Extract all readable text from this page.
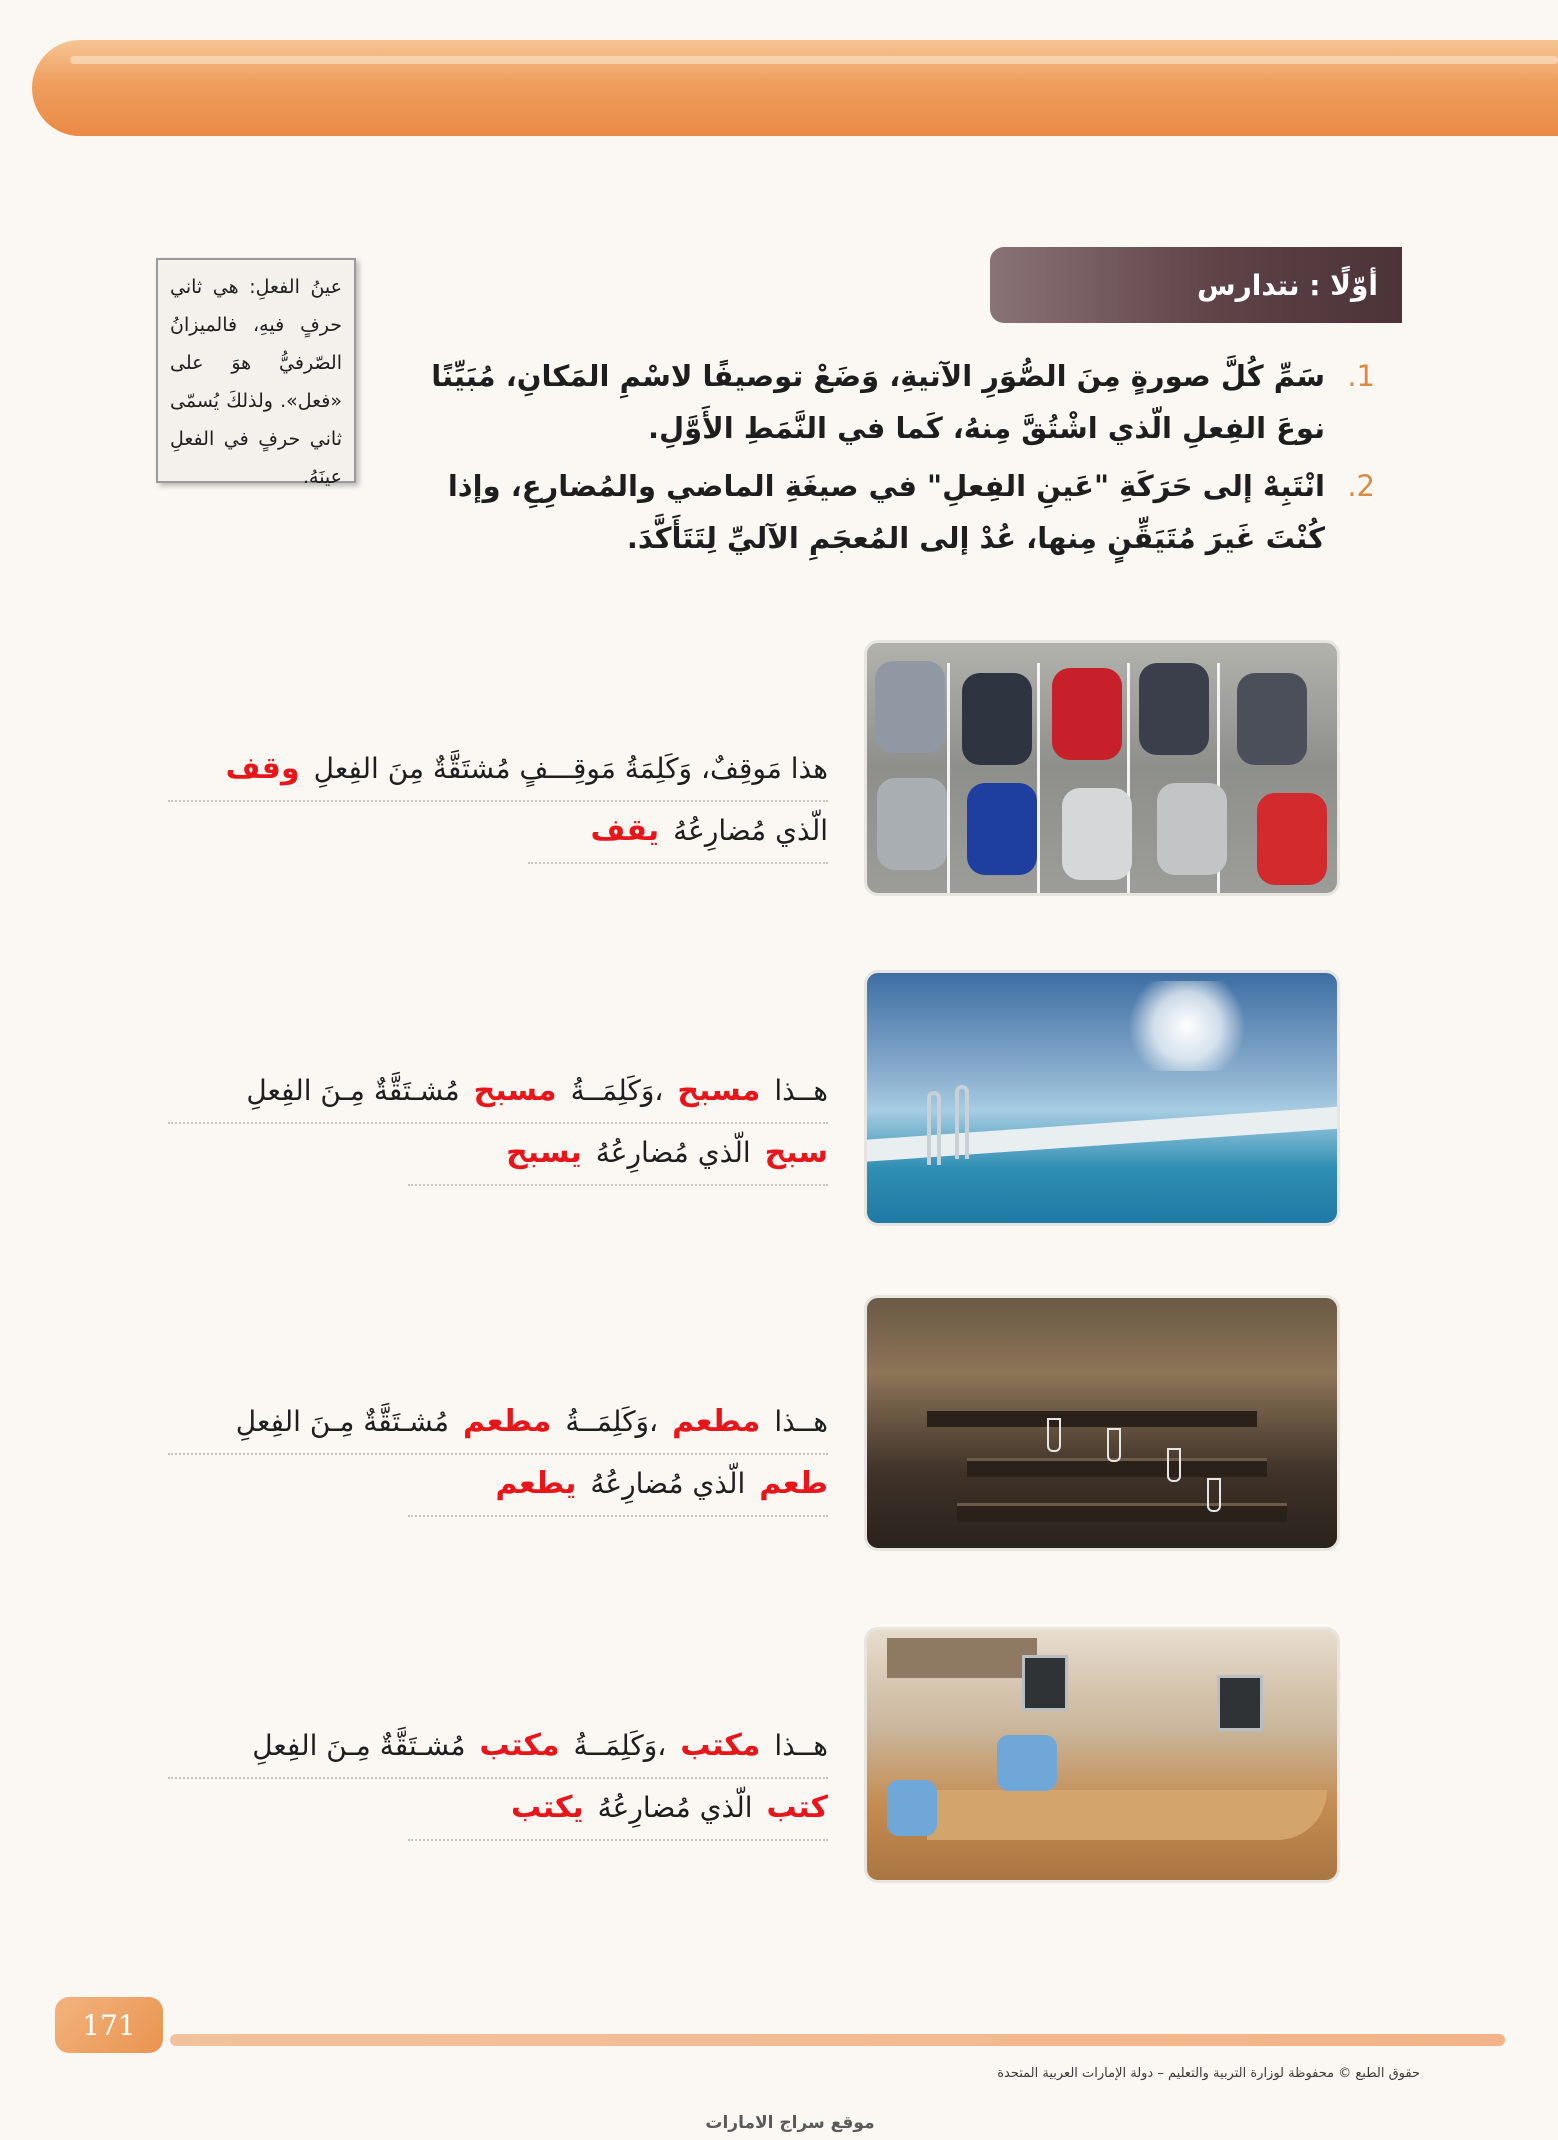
أوّلًا : نتدارس
عينُ الفعلِ: هي ثاني حرفٍ فيهِ، فالميزانُ الصّرفيُّ هوَ على «فعل». ولذلكَ يُسمّى ثاني حرفٍ في الفعلِ عينَهُ.
1.
سَمِّ كُلَّ صورةٍ مِنَ الصُّوَرِ الآتيةِ، وَضَعْ توصيفًا لاسْمِ المَكانِ، مُبَيِّنًا نوعَ الفِعلِ الّذي اشْتُقَّ مِنهُ، كَما في النَّمَطِ الأَوَّلِ.
2.
انْتَبِهْ إلى حَرَكَةِ "عَينِ الفِعلِ" في صيغَةِ الماضي والمُضارِعِ، وإذا كُنْتَ غَيرَ مُتَيَقِّنٍ مِنها، عُدْ إلى المُعجَمِ الآليِّ لِتَتَأَكَّدَ.
هذا مَوقِفٌ، وَكَلِمَةُ مَوقِـــفٍ مُشتَقَّةٌ مِنَ الفِعلِ
وقف
الّذي مُضارِعُهُ
يقف
هــذا
مسبح
،وَكَلِمَــةُ
مسبح
مُشـتَقَّةٌ مِـنَ الفِعلِ
سبح
الّذي مُضارِعُهُ
يسبح
هــذا
مطعم
،وَكَلِمَــةُ
مطعم
مُشـتَقَّةٌ مِـنَ الفِعلِ
طعم
الّذي مُضارِعُهُ
يطعم
هــذا
مكتب
،وَكَلِمَــةُ
مكتب
مُشـتَقَّةٌ مِـنَ الفِعلِ
كتب
الّذي مُضارِعُهُ
يكتب
171
حقوق الطبع © محفوظة لوزارة التربية والتعليم – دولة الإمارات العربية المتحدة
موقع سراج الامارات
